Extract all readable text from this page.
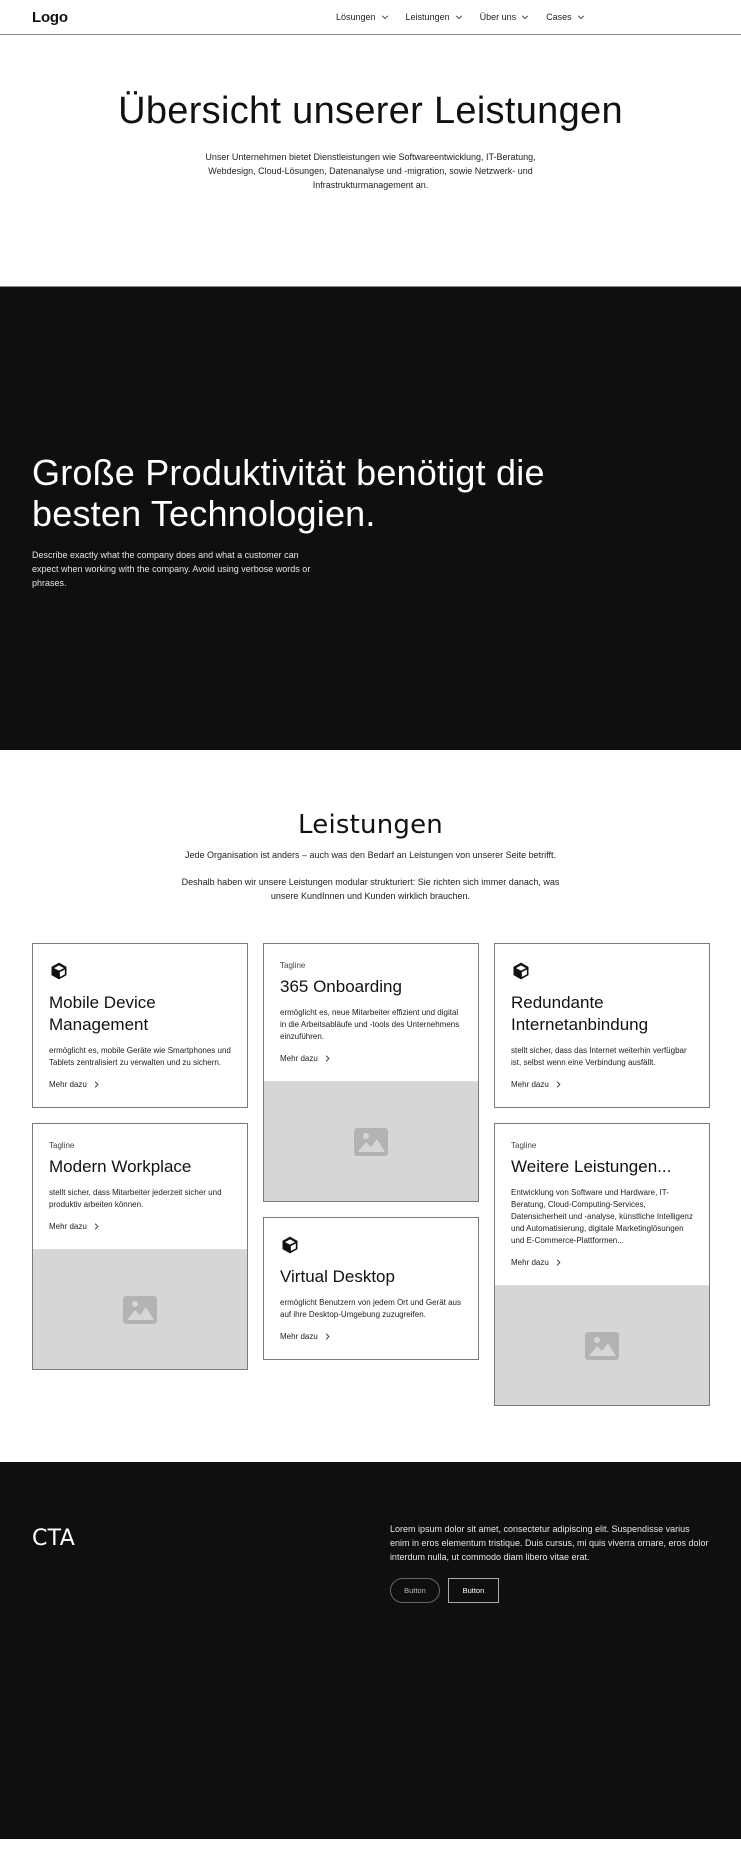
Logo	Lösungen	Leistungen	Über uns	Cases
Übersicht unserer Leistungen

Unser Unternehmen bietet Dienstleistungen wie Softwareentwicklung, IT-Beratung, Webdesign, Cloud-Lösungen, Datenanalyse und -migration, sowie Netzwerk- und Infrastrukturmanagement an.

Große Produktivität benötigt die besten Technologien.

Describe exactly what the company does and what a customer can expect when working with the company. Avoid using verbose words or phrases.

Leistungen

Jede Organisation ist anders – auch was den Bedarf an Leistungen von unserer Seite betrifft.

Deshalb haben wir unsere Leistungen modular strukturiert: Sie richten sich immer danach, was unsere KundInnen und Kunden wirklich brauchen.

Mobile Device Management

ermöglicht es, mobile Geräte wie Smartphones und Tablets zentralisiert zu verwalten und zu sichern.

Mehr dazu
Tagline
Modern Workplace

stellt sicher, dass Mitarbeiter jederzeit sicher und produktiv arbeiten können.

Mehr dazu
Tagline
365 Onboarding

ermöglicht es, neue Mitarbeiter effizient und digital in die Arbeitsabläufe und -tools des Unternehmens einzuführen.

Mehr dazu
Virtual Desktop

ermöglicht Benutzern von jedem Ort und Gerät aus auf ihre Desktop-Umgebung zuzugreifen.

Mehr dazu
Redundante Internetanbindung

stellt sicher, dass das Internet weiterhin verfügbar ist, selbst wenn eine Verbindung ausfällt.

Mehr dazu
Tagline
Weitere Leistungen...

Entwicklung von Software und Hardware, IT-Beratung, Cloud-Computing-Services, Datensicherheit und -analyse, künstliche Intelligenz und Automatisierung, digitale Marketinglösungen und E-Commerce-Plattformen...

Mehr dazu
CTA	Lorem ipsum dolor sit amet, consectetur adipiscing elit. Suspendisse varius enim in eros elementum tristique. Duis cursus, mi quis viverra ornare, eros dolor interdum nulla, ut commodo diam libero vitae erat.

Button	Button
